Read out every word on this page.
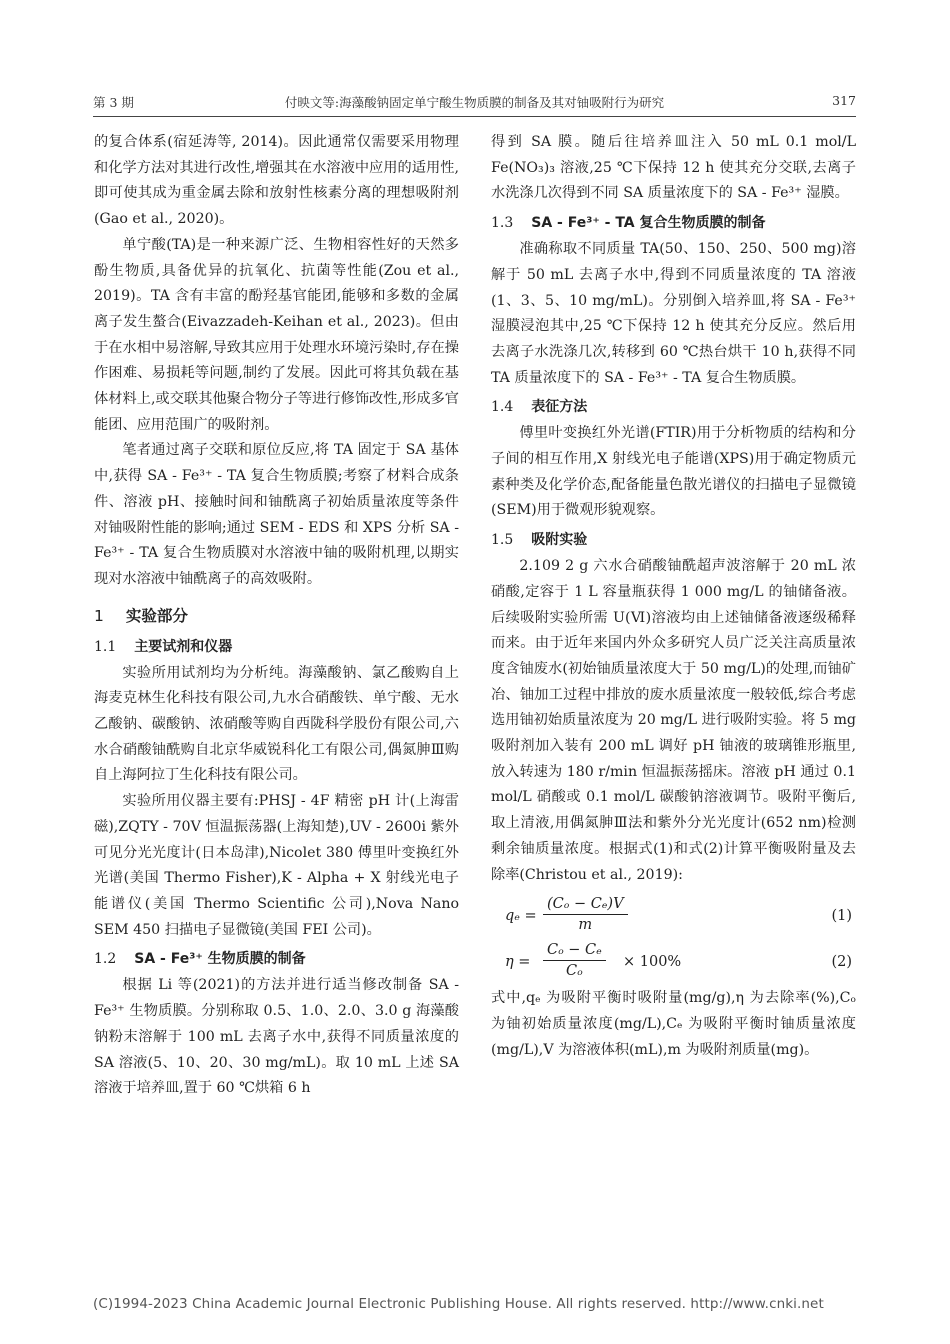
第 3 期	付映文等:海藻酸钠固定单宁酸生物质膜的制备及其对铀吸附行为研究	317

的复合体系(宿延涛等, 2014)。因此通常仅需要采用物理和化学方法对其进行改性,增强其在水溶液中应用的适用性,即可使其成为重金属去除和放射性核素分离的理想吸附剂(Gao et al., 2020)。

单宁酸(TA)是一种来源广泛、生物相容性好的天然多酚生物质,具备优异的抗氧化、抗菌等性能(Zou et al., 2019)。TA 含有丰富的酚羟基官能团,能够和多数的金属离子发生螯合(Eivazzadeh-Keihan et al., 2023)。但由于在水相中易溶解,导致其应用于处理水环境污染时,存在操作困难、易损耗等问题,制约了发展。因此可将其负载在基体材料上,或交联其他聚合物分子等进行修饰改性,形成多官能团、应用范围广的吸附剂。

笔者通过离子交联和原位反应,将 TA 固定于 SA 基体中,获得 SA - Fe³⁺ - TA 复合生物质膜;考察了材料合成条件、溶液 pH、接触时间和铀酰离子初始质量浓度等条件对铀吸附性能的影响;通过 SEM - EDS 和 XPS 分析 SA - Fe³⁺ - TA 复合生物质膜对水溶液中铀的吸附机理,以期实现对水溶液中铀酰离子的高效吸附。

1 实验部分
1.1 主要试剂和仪器

实验所用试剂均为分析纯。海藻酸钠、氯乙酸购自上海麦克林生化科技有限公司,九水合硝酸铁、单宁酸、无水乙酸钠、碳酸钠、浓硝酸等购自西陇科学股份有限公司,六水合硝酸铀酰购自北京华威锐科化工有限公司,偶氮胂Ⅲ购自上海阿拉丁生化科技有限公司。

实验所用仪器主要有:PHSJ - 4F 精密 pH 计(上海雷磁),ZQTY - 70V 恒温振荡器(上海知楚),UV - 2600i 紫外可见分光光度计(日本岛津),Nicolet 380 傅里叶变换红外光谱(美国 Thermo Fisher),K - Alpha + X 射线光电子能谱仪(美国 Thermo Scientific 公司),Nova Nano SEM 450 扫描电子显微镜(美国 FEI 公司)。

1.2 SA - Fe³⁺ 生物质膜的制备

根据 Li 等(2021)的方法并进行适当修改制备 SA - Fe³⁺ 生物质膜。分别称取 0.5、1.0、2.0、3.0 g 海藻酸钠粉末溶解于 100 mL 去离子水中,获得不同质量浓度的 SA 溶液(5、10、20、30 mg/mL)。取 10 mL 上述 SA 溶液于培养皿,置于 60 ℃烘箱 6 h

得到 SA 膜。随后往培养皿注入 50 mL 0.1 mol/L Fe(NO₃)₃ 溶液,25 ℃下保持 12 h 使其充分交联,去离子水洗涤几次得到不同 SA 质量浓度下的 SA - Fe³⁺ 湿膜。

1.3 SA - Fe³⁺ - TA 复合生物质膜的制备

准确称取不同质量 TA(50、150、250、500 mg)溶解于 50 mL 去离子水中,得到不同质量浓度的 TA 溶液(1、3、5、10 mg/mL)。分别倒入培养皿,将 SA - Fe³⁺ 湿膜浸泡其中,25 ℃下保持 12 h 使其充分反应。然后用去离子水洗涤几次,转移到 60 ℃热台烘干 10 h,获得不同 TA 质量浓度下的 SA - Fe³⁺ - TA 复合生物质膜。

1.4 表征方法

傅里叶变换红外光谱(FTIR)用于分析物质的结构和分子间的相互作用,X 射线光电子能谱(XPS)用于确定物质元素种类及化学价态,配备能量色散光谱仪的扫描电子显微镜(SEM)用于微观形貌观察。

1.5 吸附实验

2.109 2 g 六水合硝酸铀酰超声波溶解于 20 mL 浓硝酸,定容于 1 L 容量瓶获得 1 000 mg/L 的铀储备液。后续吸附实验所需 U(Ⅵ)溶液均由上述铀储备液逐级稀释而来。由于近年来国内外众多研究人员广泛关注高质量浓度含铀废水(初始铀质量浓度大于 50 mg/L)的处理,而铀矿冶、铀加工过程中排放的废水质量浓度一般较低,综合考虑选用铀初始质量浓度为 20 mg/L 进行吸附实验。将 5 mg 吸附剂加入装有 200 mL 调好 pH 铀液的玻璃锥形瓶里,放入转速为 180 r/min 恒温振荡摇床。溶液 pH 通过 0.1 mol/L 硝酸或 0.1 mol/L 碳酸钠溶液调节。吸附平衡后,取上清液,用偶氮胂Ⅲ法和紫外分光光度计(652 nm)检测剩余铀质量浓度。根据式(1)和式(2)计算平衡吸附量及去除率(Christou et al., 2019):

$q_e = \frac{\text{(Cₒ − Cₑ)V}}{m}$	(1)
$\eta = \frac{\text{Cₒ − Cₑ}}{\text{Cₒ}} \times 100\%$	(2)

式中,qₑ 为吸附平衡时吸附量(mg/g),η 为去除率(%),Cₒ 为铀初始质量浓度(mg/L),Cₑ 为吸附平衡时铀质量浓度(mg/L),V 为溶液体积(mL),m 为吸附剂质量(mg)。

(C)1994-2023 China Academic Journal Electronic Publishing House. All rights reserved. http://www.cnki.net
